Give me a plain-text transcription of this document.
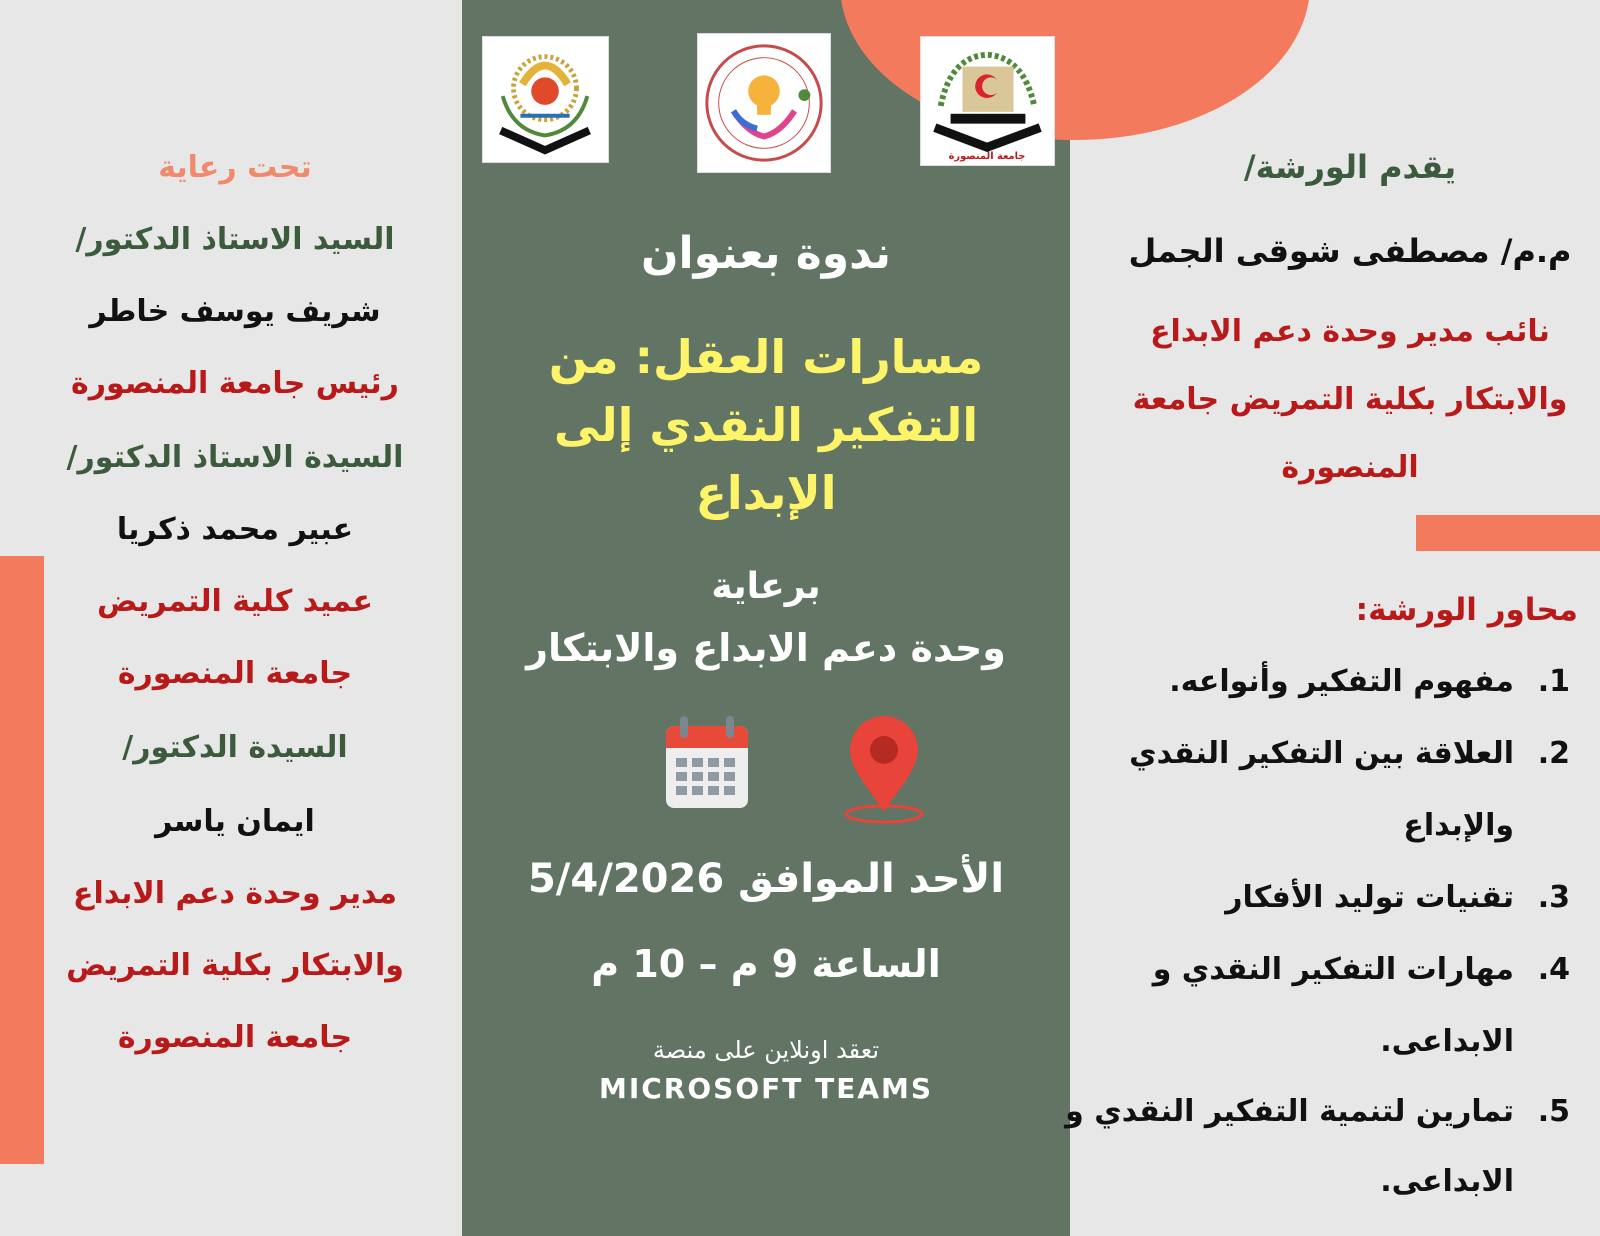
جامعة المنصورة
تحت رعاية
السيد الاستاذ الدكتور/
شريف يوسف خاطر
رئيس جامعة المنصورة
السيدة الاستاذ الدكتور/
عبير محمد ذكريا
عميد كلية التمريض
جامعة المنصورة
السيدة الدكتور/
ايمان ياسر
مدير وحدة دعم الابداع
والابتكار بكلية التمريض
جامعة المنصورة
ندوة بعنوان
مسارات العقل: من
التفكير النقدي إلى
الإبداع
برعاية
وحدة دعم الابداع والابتكار
الأحد الموافق 5/4/2026
الساعة 9 م – 10 م
تعقد اونلاين على منصة
MICROSOFT TEAMS
يقدم الورشة/
م.م/ مصطفى شوقى الجمل
نائب مدير وحدة دعم الابداع
والابتكار بكلية التمريض جامعة
المنصورة
محاور الورشة:
1.مفهوم التفكير وأنواعه.
2.العلاقة بين التفكير النقدي
والإبداع
3.تقنيات توليد الأفكار
4.مهارات التفكير النقدي و
الابداعى.
5.تمارين لتنمية التفكير النقدي و
الابداعى.
